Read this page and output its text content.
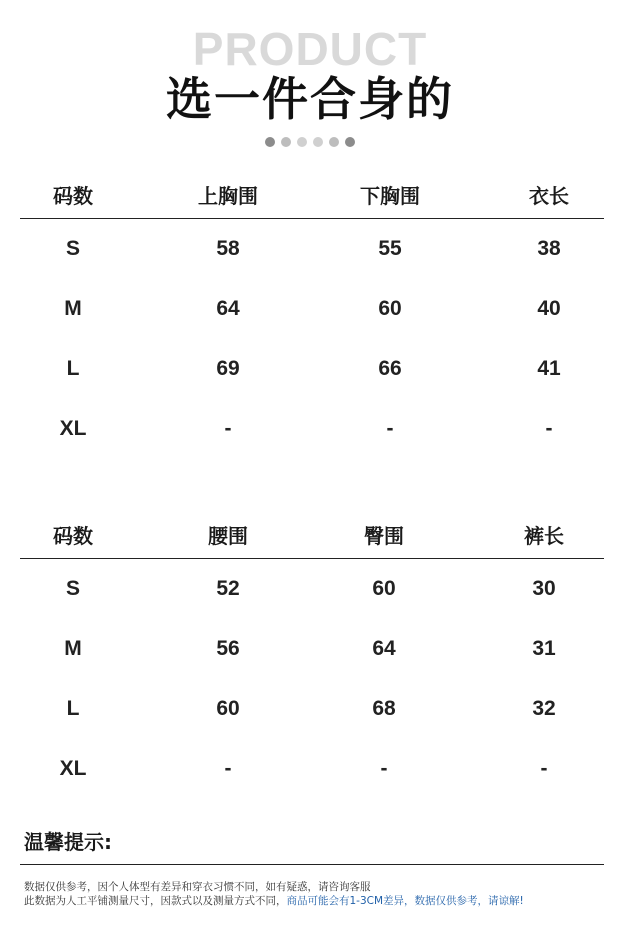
PRODUCT
选一件合身的
码数	上胸围	下胸围	衣长
S	58	55	38
M	64	60	40
L	69	66	41
XL	-	-	-
码数	腰围	臀围	裤长
S	52	60	30
M	56	64	31
L	60	68	32
XL	-	-	-
温馨提示:
数据仅供参考，因个人体型有差异和穿衣习惯不同，如有疑惑，请咨询客服
此数据为人工平铺测量尺寸，因款式以及测量方式不同，商品可能会有1-3CM差异，数据仅供参考，请谅解!
